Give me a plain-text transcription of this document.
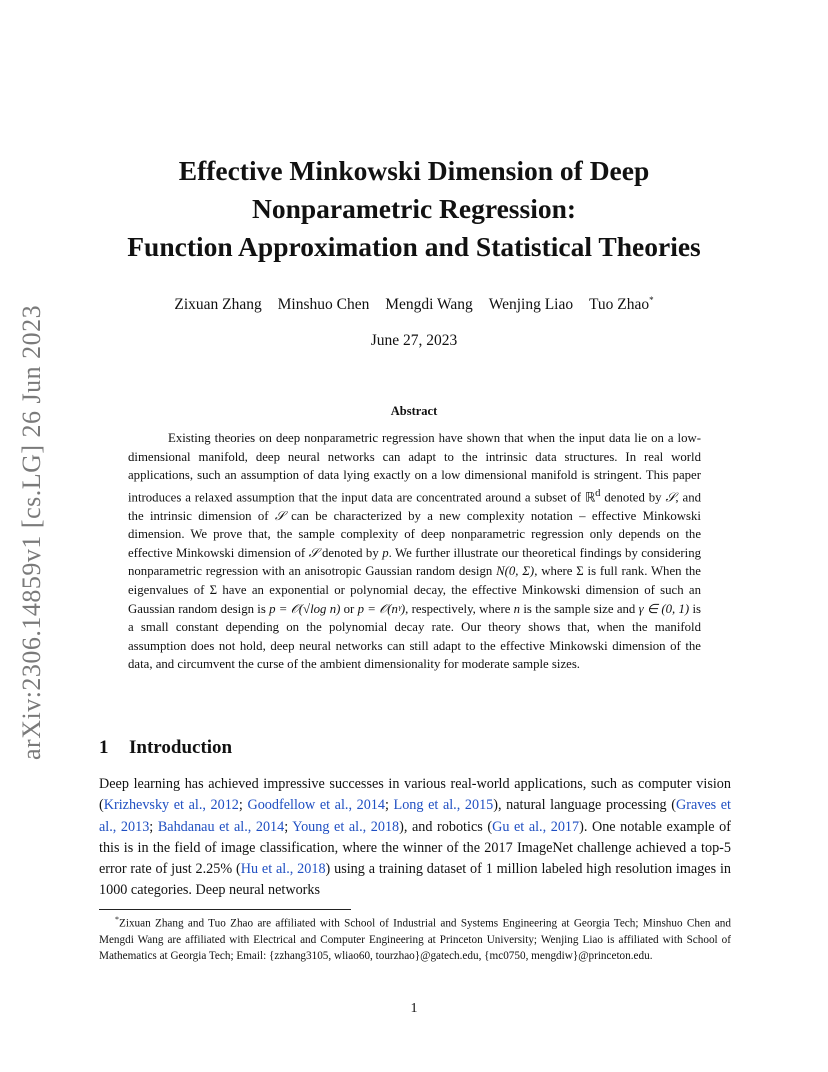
arXiv:2306.14859v1 [cs.LG] 26 Jun 2023
Effective Minkowski Dimension of Deep
Nonparametric Regression:
Function Approximation and Statistical Theories
Zixuan Zhang Minshuo Chen Mengdi Wang Wenjing Liao Tuo Zhao*
June 27, 2023
Abstract
Existing theories on deep nonparametric regression have shown that when the input data lie on a low-dimensional manifold, deep neural networks can adapt to the intrinsic data structures. In real world applications, such an assumption of data lying exactly on a low dimensional manifold is stringent. This paper introduces a relaxed assumption that the input data are concentrated around a subset of ℝ$^d$ denoted by 𝒮, and the intrinsic dimension of 𝒮 can be characterized by a new complexity notation – effective Minkowski dimension. We prove that, the sample complexity of deep nonparametric regression only depends on the effective Minkowski dimension of 𝒮 denoted by p. We further illustrate our theoretical findings by considering nonparametric regression with an anisotropic Gaussian random design N(0, Σ), where Σ is full rank. When the eigenvalues of Σ have an exponential or polynomial decay, the effective Minkowski dimension of such an Gaussian random design is p = 𝒪(√log n) or p = 𝒪(nᵞ), respectively, where n is the sample size and γ ∈ (0, 1) is a small constant depending on the polynomial decay rate. Our theory shows that, when the manifold assumption does not hold, deep neural networks can still adapt to the effective Minkowski dimension of the data, and circumvent the curse of the ambient dimensionality for moderate sample sizes.
1 Introduction
Deep learning has achieved impressive successes in various real-world applications, such as computer vision (Krizhevsky et al., 2012; Goodfellow et al., 2014; Long et al., 2015), natural language processing (Graves et al., 2013; Bahdanau et al., 2014; Young et al., 2018), and robotics (Gu et al., 2017). One notable example of this is in the field of image classification, where the winner of the 2017 ImageNet challenge achieved a top-5 error rate of just 2.25% (Hu et al., 2018) using a training dataset of 1 million labeled high resolution images in 1000 categories. Deep neural networks
*Zixuan Zhang and Tuo Zhao are affiliated with School of Industrial and Systems Engineering at Georgia Tech; Minshuo Chen and Mengdi Wang are affiliated with Electrical and Computer Engineering at Princeton University; Wenjing Liao is affiliated with School of Mathematics at Georgia Tech; Email: {zzhang3105, wliao60, tourzhao}@gatech.edu, {mc0750, mengdiw}@princeton.edu.
1
